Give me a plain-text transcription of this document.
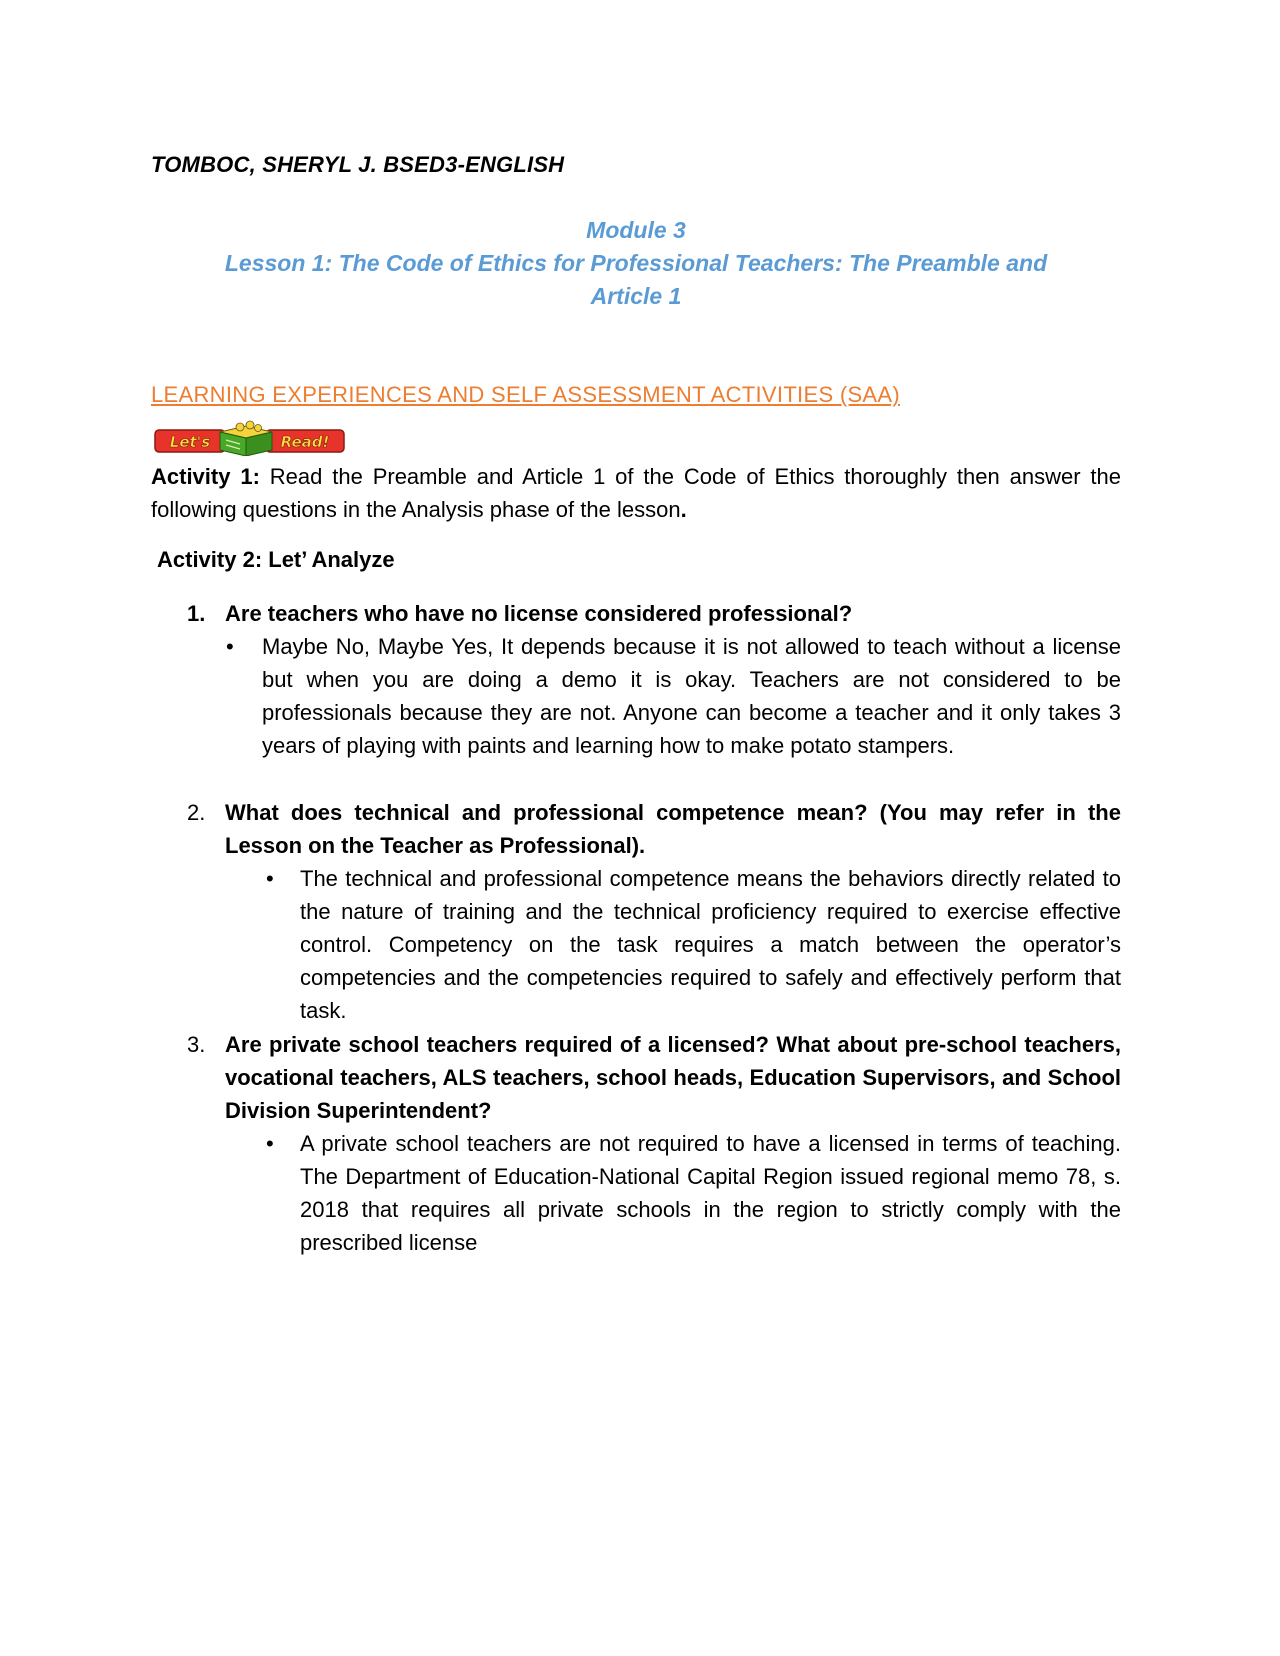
TOMBOC, SHERYL J. BSED3-ENGLISH
Module 3
Lesson 1: The Code of Ethics for Professional Teachers: The Preamble and
Article 1
LEARNING EXPERIENCES AND SELF ASSESSMENT ACTIVITIES (SAA)
Let's	Read!
Activity 1: Read the Preamble and Article 1 of the Code of Ethics thoroughly then answer the following questions in the Analysis phase of the lesson.
Activity 2: Let’ Analyze
1. Are teachers who have no license considered professional?
• Maybe No, Maybe Yes, It depends because it is not allowed to teach without a license but when you are doing a demo it is okay. Teachers are not considered to be professionals because they are not. Anyone can become a teacher and it only takes 3 years of playing with paints and learning how to make potato stampers.
2. What does technical and professional competence mean? (You may refer in the Lesson on the Teacher as Professional).
• The technical and professional competence means the behaviors directly related to the nature of training and the technical proficiency required to exercise effective control. Competency on the task requires a match between the operator’s competencies and the competencies required to safely and effectively perform that task.
3. Are private school teachers required of a licensed? What about pre-school teachers, vocational teachers, ALS teachers, school heads, Education Supervisors, and School Division Superintendent?
• A private school teachers are not required to have a licensed in terms of teaching. The Department of Education-National Capital Region issued regional memo 78, s. 2018 that requires all private schools in the region to strictly comply with the prescribed license
